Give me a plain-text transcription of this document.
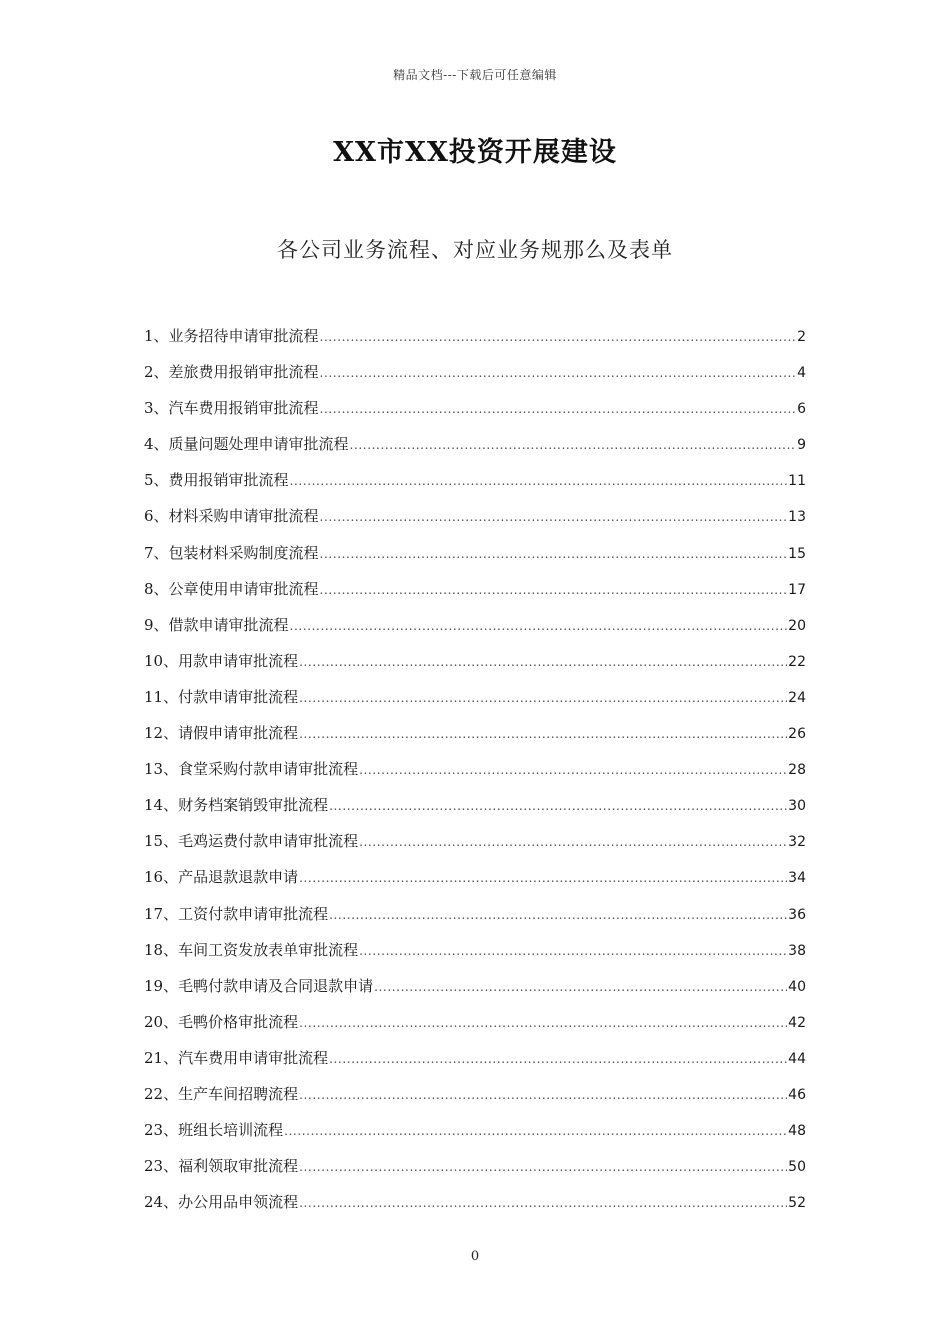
精品文档---下载后可任意编辑
XX市XX投资开展建设
各公司业务流程、对应业务规那么及表单
1、业务招待申请审批流程 .....	2
2、差旅费用报销审批流程 .....	4
3、汽车费用报销审批流程 .....	6
4、质量问题处理申请审批流程 .....	9
5、费用报销审批流程 .....	11
6、材料采购申请审批流程 .....	13
7、包装材料采购制度流程 .....	15
8、公章使用申请审批流程 .....	17
9、借款申请审批流程 .....	20
10、用款申请审批流程 .....	22
11、付款申请审批流程 .....	24
12、请假申请审批流程 .....	26
13、食堂采购付款申请审批流程 .....	28
14、财务档案销毁审批流程 .....	30
15、毛鸡运费付款申请审批流程 .....	32
16、产品退款退款申请 .....	34
17、工资付款申请审批流程 .....	36
18、车间工资发放表单审批流程 .....	38
19、毛鸭付款申请及合同退款申请 .....	40
20、毛鸭价格审批流程 .....	42
21、汽车费用申请审批流程 .....	44
22、生产车间招聘流程 .....	46
23、班组长培训流程 .....	48
23、福利领取审批流程 .....	50
24、办公用品申领流程 .....	52
0
